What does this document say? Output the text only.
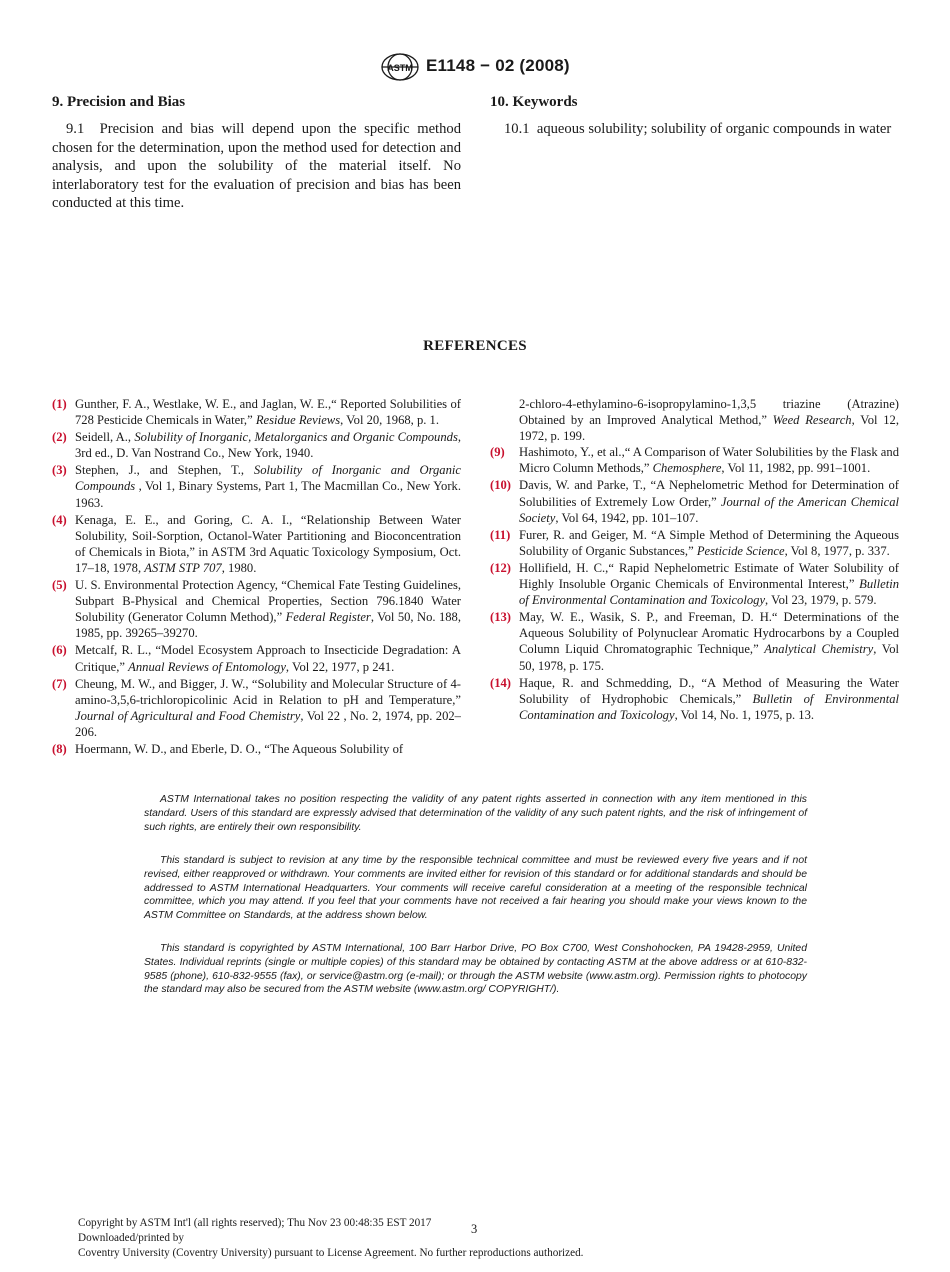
ASTM E1148 − 02 (2008)
9. Precision and Bias
9.1 Precision and bias will depend upon the specific method chosen for the determination, upon the method used for detection and analysis, and upon the solubility of the material itself. No interlaboratory test for the evaluation of precision and bias has been conducted at this time.
10. Keywords
10.1 aqueous solubility; solubility of organic compounds in water
REFERENCES
(1) Gunther, F. A., Westlake, W. E., and Jaglan, W. E.,“ Reported Solubilities of 728 Pesticide Chemicals in Water,” Residue Reviews, Vol 20, 1968, p. 1.
(2) Seidell, A., Solubility of Inorganic, Metalorganics and Organic Compounds, 3rd ed., D. Van Nostrand Co., New York, 1940.
(3) Stephen, J., and Stephen, T., Solubility of Inorganic and Organic Compounds , Vol 1, Binary Systems, Part 1, The Macmillan Co., New York. 1963.
(4) Kenaga, E. E., and Goring, C. A. I., “Relationship Between Water Solubility, Soil-Sorption, Octanol-Water Partitioning and Bioconcentration of Chemicals in Biota,” in ASTM 3rd Aquatic Toxicology Symposium, Oct. 17–18, 1978, ASTM STP 707, 1980.
(5) U. S. Environmental Protection Agency, “Chemical Fate Testing Guidelines, Subpart B-Physical and Chemical Properties, Section 796.1840 Water Solubility (Generator Column Method),” Federal Register, Vol 50, No. 188, 1985, pp. 39265–39270.
(6) Metcalf, R. L., “Model Ecosystem Approach to Insecticide Degradation: A Critique,” Annual Reviews of Entomology, Vol 22, 1977, p 241.
(7) Cheung, M. W., and Bigger, J. W., “Solubility and Molecular Structure of 4-amino-3,5,6-trichloropicolinic Acid in Relation to pH and Temperature,” Journal of Agricultural and Food Chemistry, Vol 22 , No. 2, 1974, pp. 202–206.
(8) Hoermann, W. D., and Eberle, D. O., “The Aqueous Solubility of
2-chloro-4-ethylamino-6-isopropylamino-1,3,5 triazine (Atrazine) Obtained by an Improved Analytical Method,” Weed Research, Vol 12, 1972, p. 199.
(9) Hashimoto, Y., et al.,“ A Comparison of Water Solubilities by the Flask and Micro Column Methods,” Chemosphere, Vol 11, 1982, pp. 991–1001.
(10) Davis, W. and Parke, T., “A Nephelometric Method for Determination of Solubilities of Extremely Low Order,” Journal of the American Chemical Society, Vol 64, 1942, pp. 101–107.
(11) Furer, R. and Geiger, M. “A Simple Method of Determining the Aqueous Solubility of Organic Substances,” Pesticide Science, Vol 8, 1977, p. 337.
(12) Hollifield, H. C.,“ Rapid Nephelometric Estimate of Water Solubility of Highly Insoluble Organic Chemicals of Environmental Interest,” Bulletin of Environmental Contamination and Toxicology, Vol 23, 1979, p. 579.
(13) May, W. E., Wasik, S. P., and Freeman, D. H.“ Determinations of the Aqueous Solubility of Polynuclear Aromatic Hydrocarbons by a Coupled Column Liquid Chromatographic Technique,” Analytical Chemistry, Vol 50, 1978, p. 175.
(14) Haque, R. and Schmedding, D., “A Method of Measuring the Water Solubility of Hydrophobic Chemicals,” Bulletin of Environmental Contamination and Toxicology, Vol 14, No. 1, 1975, p. 13.
ASTM International takes no position respecting the validity of any patent rights asserted in connection with any item mentioned in this standard. Users of this standard are expressly advised that determination of the validity of any such patent rights, and the risk of infringement of such rights, are entirely their own responsibility.
This standard is subject to revision at any time by the responsible technical committee and must be reviewed every five years and if not revised, either reapproved or withdrawn. Your comments are invited either for revision of this standard or for additional standards and should be addressed to ASTM International Headquarters. Your comments will receive careful consideration at a meeting of the responsible technical committee, which you may attend. If you feel that your comments have not received a fair hearing you should make your views known to the ASTM Committee on Standards, at the address shown below.
This standard is copyrighted by ASTM International, 100 Barr Harbor Drive, PO Box C700, West Conshohocken, PA 19428-2959, United States. Individual reprints (single or multiple copies) of this standard may be obtained by contacting ASTM at the above address or at 610-832-9585 (phone), 610-832-9555 (fax), or service@astm.org (e-mail); or through the ASTM website (www.astm.org). Permission rights to photocopy the standard may also be secured from the ASTM website (www.astm.org/ COPYRIGHT/).
Copyright by ASTM Int'l (all rights reserved); Thu Nov 23 00:48:35 EST 2017
Downloaded/printed by
Coventry University (Coventry University) pursuant to License Agreement. No further reproductions authorized.
3
